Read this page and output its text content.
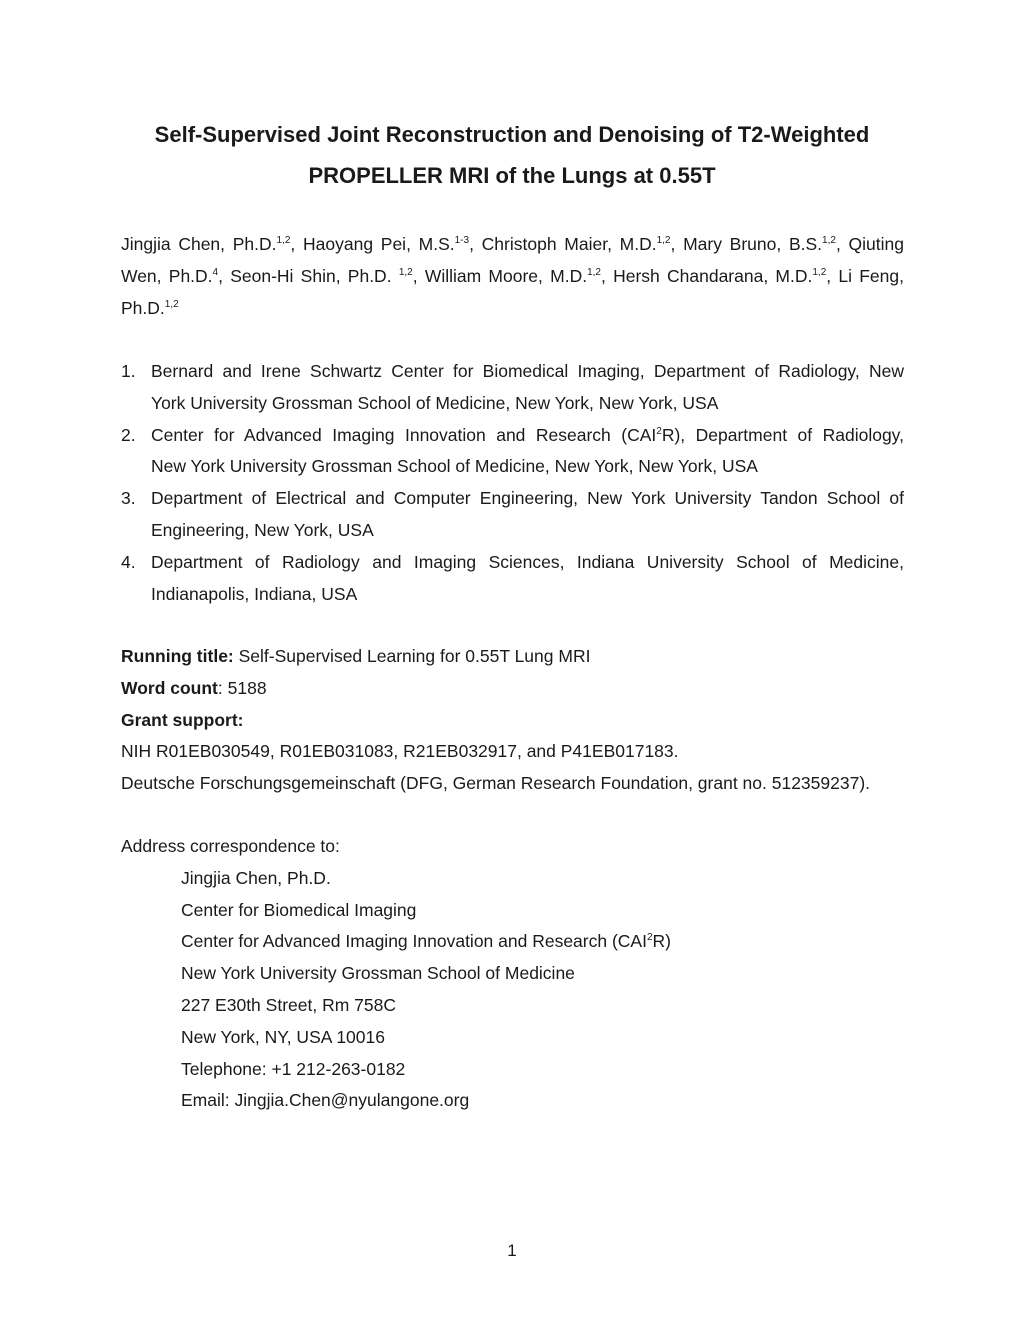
Self-Supervised Joint Reconstruction and Denoising of T2-Weighted
PROPELLER MRI of the Lungs at 0.55T
Jingjia Chen, Ph.D.$^{1,2}$, Haoyang Pei, M.S.$^{1-3}$, Christoph Maier, M.D.$^{1,2}$, Mary Bruno, B.S.$^{1,2}$, Qiuting
Wen, Ph.D.$^4$, Seon-Hi Shin, Ph.D. $^{1,2}$, William Moore, M.D.$^{1,2}$, Hersh Chandarana, M.D.$^{1,2}$, Li Feng,
Ph.D.$^{1,2}$
1. Bernard and Irene Schwartz Center for Biomedical Imaging, Department of Radiology, New
York University Grossman School of Medicine, New York, New York, USA
2. Center for Advanced Imaging Innovation and Research (CAI$^2$R), Department of Radiology,
New York University Grossman School of Medicine, New York, New York, USA
3. Department of Electrical and Computer Engineering, New York University Tandon School of
Engineering, New York, USA
4. Department of Radiology and Imaging Sciences, Indiana University School of Medicine,
Indianapolis, Indiana, USA
Running title: Self-Supervised Learning for 0.55T Lung MRI
Word count: 5188
Grant support:
NIH R01EB030549, R01EB031083, R21EB032917, and P41EB017183.
Deutsche Forschungsgemeinschaft (DFG, German Research Foundation, grant no. 512359237).
Address correspondence to:
Jingjia Chen, Ph.D.
Center for Biomedical Imaging
Center for Advanced Imaging Innovation and Research (CAI$^2$R)
New York University Grossman School of Medicine
227 E30th Street, Rm 758C
New York, NY, USA 10016
Telephone: +1 212-263-0182
Email: Jingjia.Chen@nyulangone.org
1
